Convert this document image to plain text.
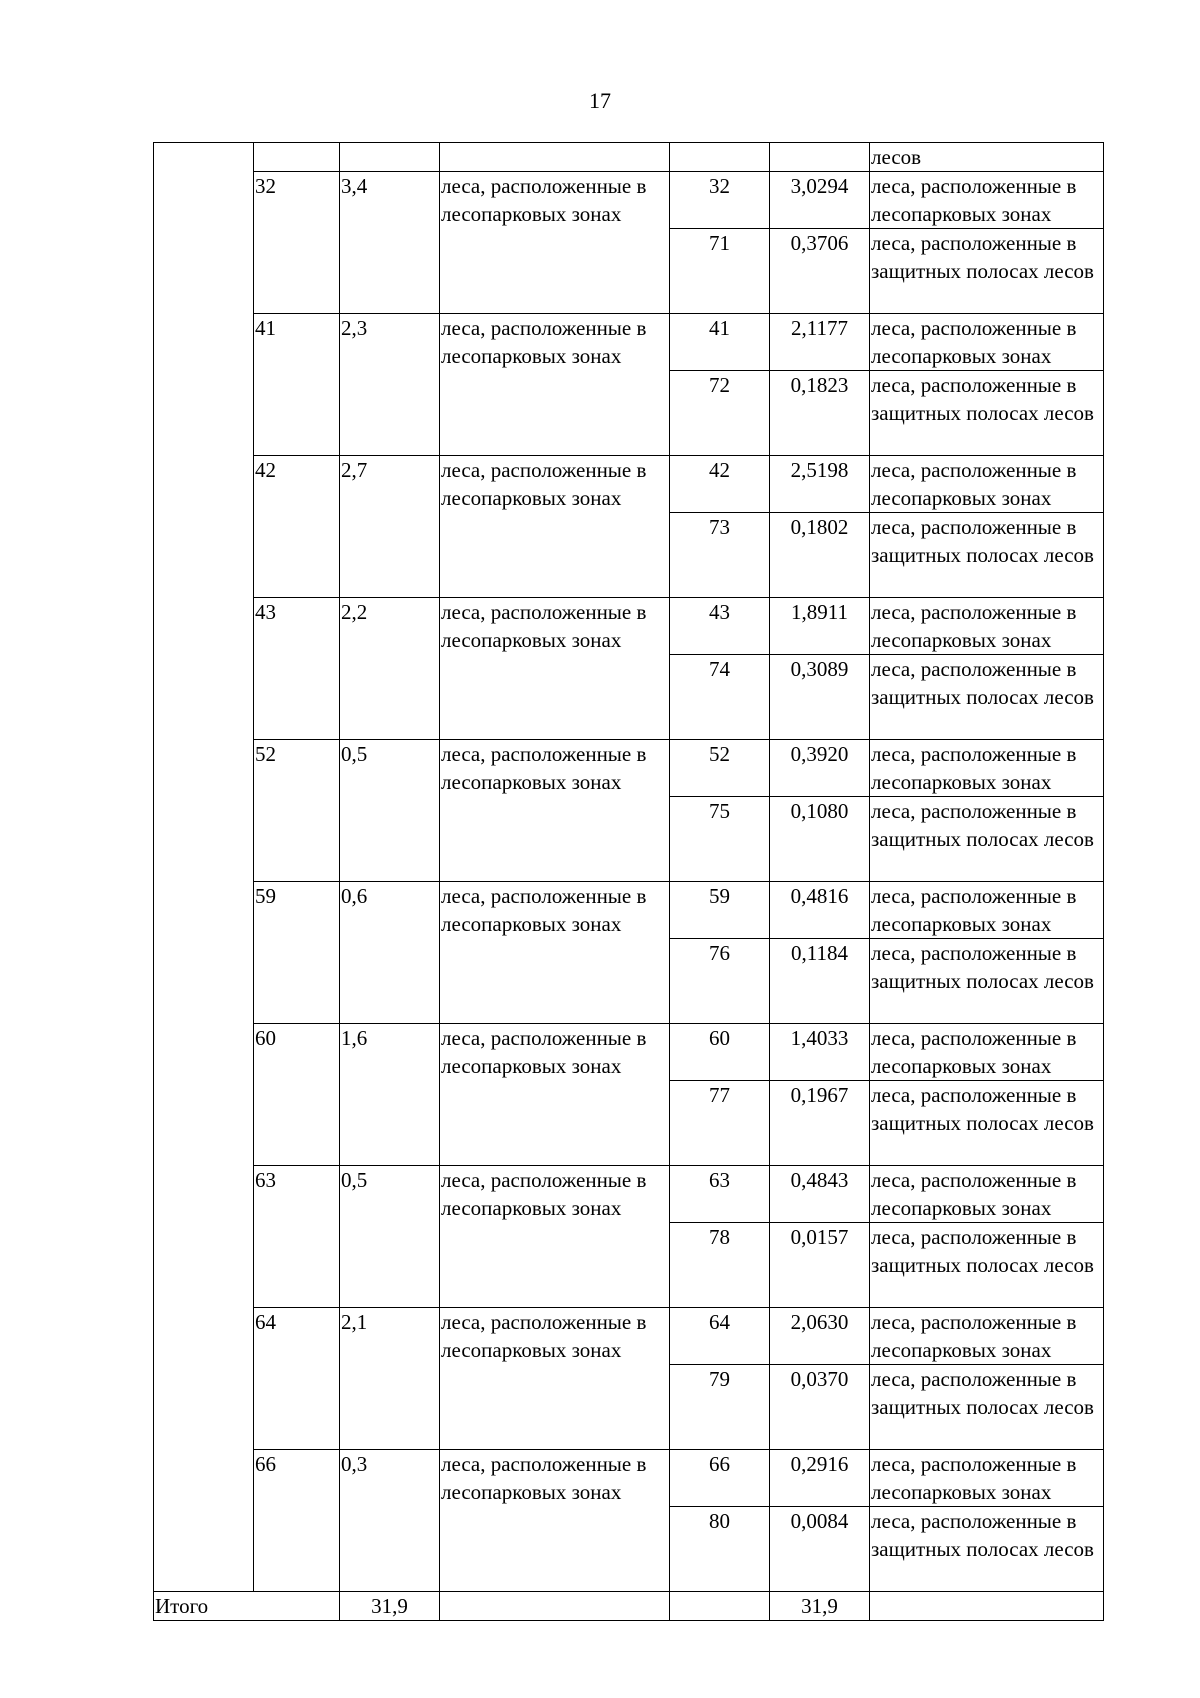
17
						лесов
	32	3,4	леса, расположенные в лесопарковых зонах	32	3,0294	леса, расположенные в лесопарковых зонах
				71	0,3706	леса, расположенные в защитных полосах лесов
	41	2,3	леса, расположенные в лесопарковых зонах	41	2,1177	леса, расположенные в лесопарковых зонах
				72	0,1823	леса, расположенные в защитных полосах лесов
	42	2,7	леса, расположенные в лесопарковых зонах	42	2,5198	леса, расположенные в лесопарковых зонах
				73	0,1802	леса, расположенные в защитных полосах лесов
	43	2,2	леса, расположенные в лесопарковых зонах	43	1,8911	леса, расположенные в лесопарковых зонах
				74	0,3089	леса, расположенные в защитных полосах лесов
	52	0,5	леса, расположенные в лесопарковых зонах	52	0,3920	леса, расположенные в лесопарковых зонах
				75	0,1080	леса, расположенные в защитных полосах лесов
	59	0,6	леса, расположенные в лесопарковых зонах	59	0,4816	леса, расположенные в лесопарковых зонах
				76	0,1184	леса, расположенные в защитных полосах лесов
	60	1,6	леса, расположенные в лесопарковых зонах	60	1,4033	леса, расположенные в лесопарковых зонах
				77	0,1967	леса, расположенные в защитных полосах лесов
	63	0,5	леса, расположенные в лесопарковых зонах	63	0,4843	леса, расположенные в лесопарковых зонах
				78	0,0157	леса, расположенные в защитных полосах лесов
	64	2,1	леса, расположенные в лесопарковых зонах	64	2,0630	леса, расположенные в лесопарковых зонах
				79	0,0370	леса, расположенные в защитных полосах лесов
	66	0,3	леса, расположенные в лесопарковых зонах	66	0,2916	леса, расположенные в лесопарковых зонах
				80	0,0084	леса, расположенные в защитных полосах лесов
Итого		31,9			31,9	
